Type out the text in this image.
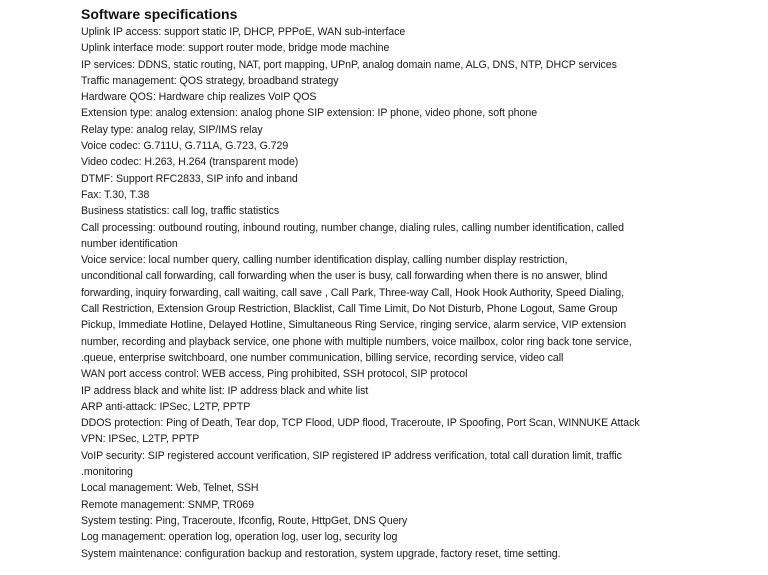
Software specifications
Uplink IP access: support static IP, DHCP, PPPoE, WAN sub-interface
Uplink interface mode: support router mode, bridge mode machine
IP services: DDNS, static routing, NAT, port mapping, UPnP, analog domain name, ALG, DNS, NTP, DHCP services
Traffic management: QOS strategy, broadband strategy
Hardware QOS: Hardware chip realizes VoIP QOS
Extension type: analog extension: analog phone SIP extension: IP phone, video phone, soft phone
Relay type: analog relay, SIP/IMS relay
Voice codec: G.711U, G.711A, G.723, G.729
Video codec: H.263, H.264 (transparent mode)
DTMF: Support RFC2833, SIP info and inband
Fax: T.30, T.38
Business statistics: call log, traffic statistics
Call processing: outbound routing, inbound routing, number change, dialing rules, calling number identification, called
number identification
Voice service: local number query, calling number identification display, calling number display restriction,
unconditional call forwarding, call forwarding when the user is busy, call forwarding when there is no answer, blind
forwarding, inquiry forwarding, call waiting, call save , Call Park, Three-way Call, Hook Hook Authority, Speed Dialing,
Call Restriction, Extension Group Restriction, Blacklist, Call Time Limit, Do Not Disturb, Phone Logout, Same Group
Pickup, Immediate Hotline, Delayed Hotline, Simultaneous Ring Service, ringing service, alarm service, VIP extension
number, recording and playback service, one phone with multiple numbers, voice mailbox, color ring back tone service,
.queue, enterprise switchboard, one number communication, billing service, recording service, video call
WAN port access control: WEB access, Ping prohibited, SSH protocol, SIP protocol
IP address black and white list: IP address black and white list
ARP anti-attack: IPSec, L2TP, PPTP
DDOS protection: Ping of Death, Tear dop, TCP Flood, UDP flood, Traceroute, IP Spoofing, Port Scan, WINNUKE Attack
VPN: IPSec, L2TP, PPTP
VoIP security: SIP registered account verification, SIP registered IP address verification, total call duration limit, traffic
.monitoring
Local management: Web, Telnet, SSH
Remote management: SNMP, TR069
System testing: Ping, Traceroute, Ifconfig, Route, HttpGet, DNS Query
Log management: operation log, operation log, user log, security log
System maintenance: configuration backup and restoration, system upgrade, factory reset, time setting.
